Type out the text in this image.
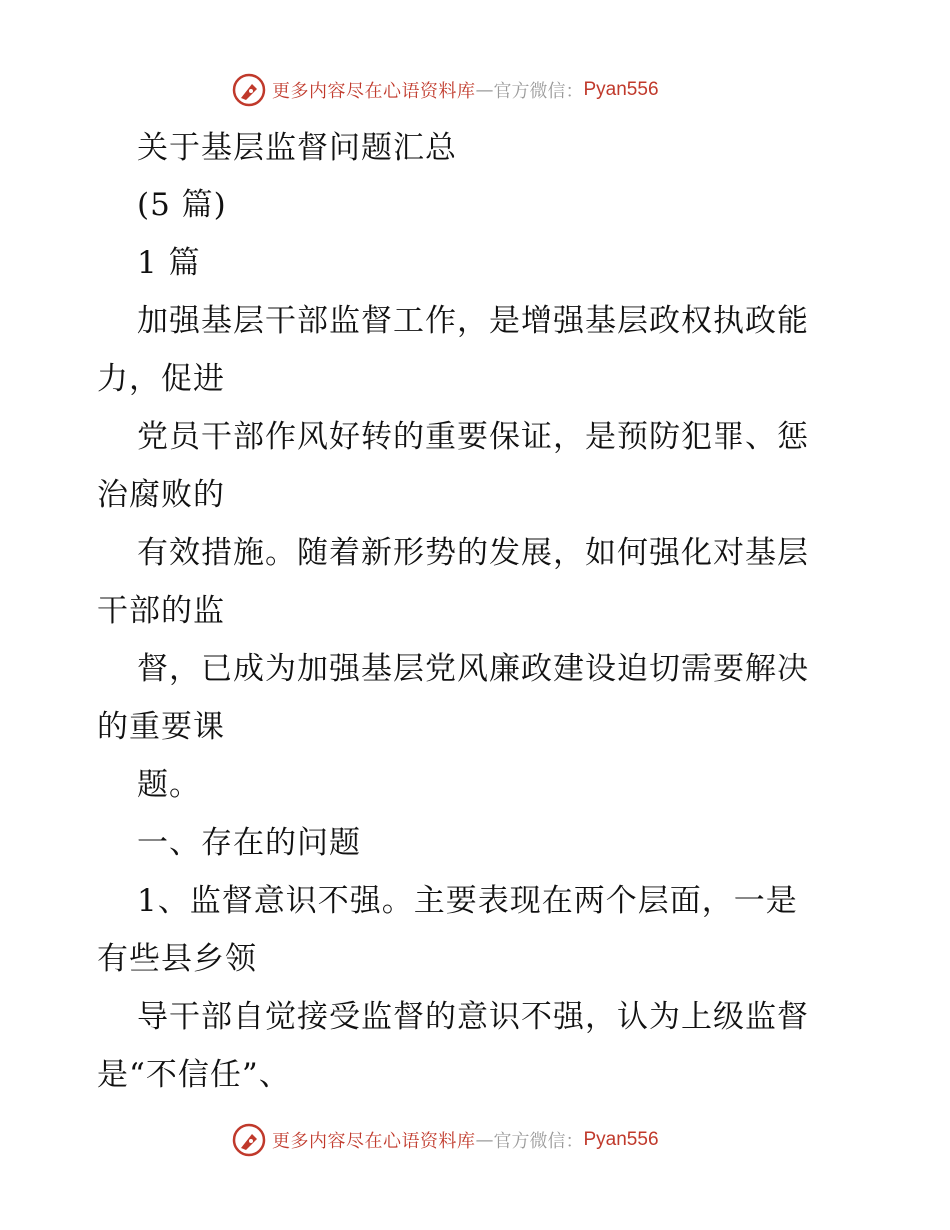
更多内容尽在心语资料库 — 官方微信： Pyan556
关于基层监督问题汇总
(5 篇)
1 篇
加强基层干部监督工作，是增强基层政权执政能
力，促进
党员干部作风好转的重要保证，是预防犯罪、惩
治腐败的
有效措施。随着新形势的发展，如何强化对基层
干部的监
督，已成为加强基层党风廉政建设迫切需要解决
的重要课
题。
一、存在的问题
1、监督意识不强。主要表现在两个层面，一是
有些县乡领
导干部自觉接受监督的意识不强，认为上级监督
是“不信任”、
更多内容尽在心语资料库 — 官方微信： Pyan556
